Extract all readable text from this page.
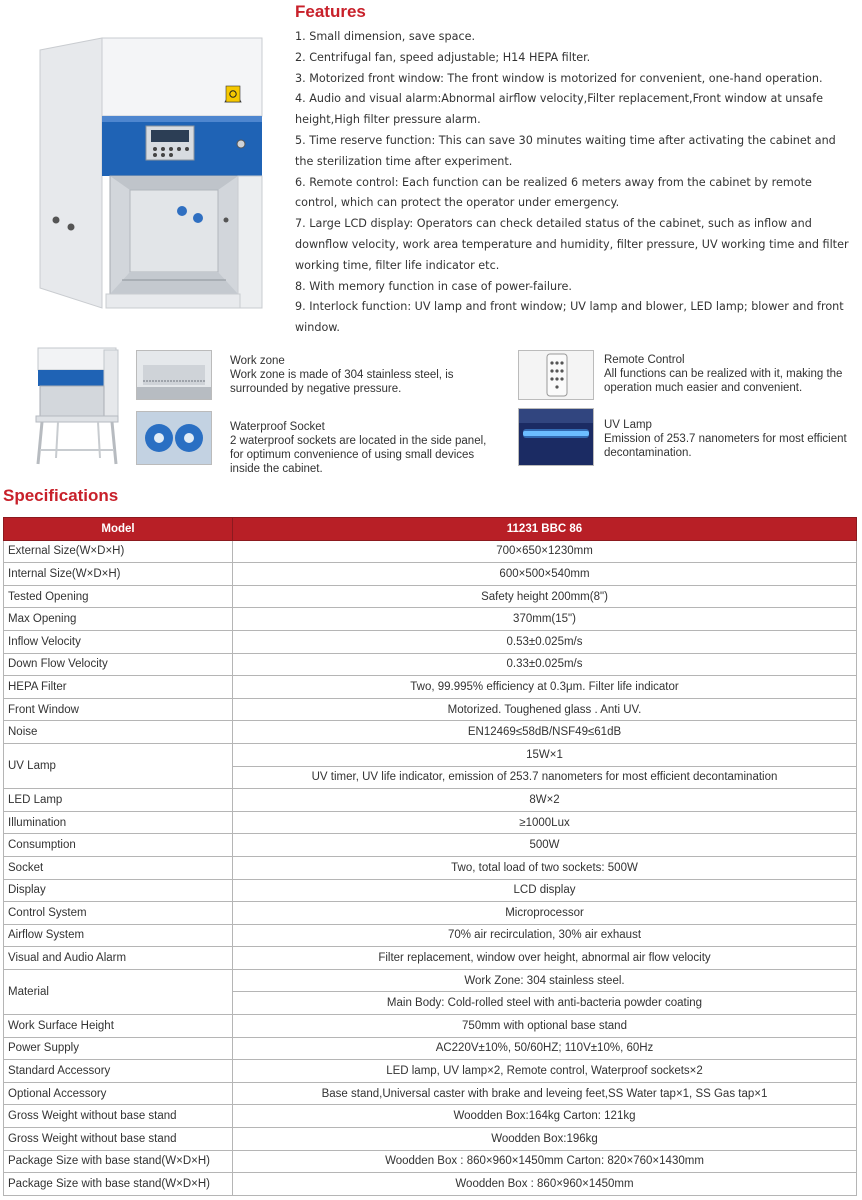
Features

1. Small dimension, save space.

2. Centrifugal fan, speed adjustable; H14 HEPA filter.

3. Motorized front window: The front window is motorized for convenient, one-hand operation.

4. Audio and visual alarm:Abnormal airflow velocity,Filter replacement,Front window at unsafe height,High filter pressure alarm.

5. Time reserve function: This can save 30 minutes waiting time after activating the cabinet and the sterilization time after experiment.

6. Remote control: Each function can be realized 6 meters away from the cabinet by remote control, which can protect the operator under emergency.

7. Large LCD display: Operators can check detailed status of the cabinet, such as inflow and downflow velocity, work area temperature and humidity, filter pressure, UV working time and filter working time, filter life indicator etc.

8. With memory function in case of power-failure.

9. Interlock function: UV lamp and front window; UV lamp and blower, LED lamp; blower and front window.

Work zone

Work zone is made of 304 stainless steel, is surrounded by negative pressure.

Waterproof Socket

2 waterproof sockets are located in the side panel, for optimum convenience of using small devices inside the cabinet.

Remote Control

All functions can be realized with it, making the operation much easier and convenient.

UV Lamp

Emission of 253.7 nanometers for most efficient decontamination.

Specifications
Model	11231 BBC 86
External Size(W×D×H)	700×650×1230mm
Internal Size(W×D×H)	600×500×540mm
Tested Opening	Safety height 200mm(8")
Max Opening	370mm(15")
Inflow Velocity	0.53±0.025m/s
Down Flow Velocity	0.33±0.025m/s
HEPA Filter	Two, 99.995% efficiency at 0.3μm. Filter life indicator
Front Window	Motorized. Toughened glass . Anti UV.
Noise	EN12469≤58dB/NSF49≤61dB
UV Lamp	15W×1
	UV timer, UV life indicator, emission of 253.7 nanometers for most efficient decontamination
LED Lamp	8W×2
Illumination	≥1000Lux
Consumption	500W
Socket	Two, total load of two sockets: 500W
Display	LCD display
Control System	Microprocessor
Airflow System	70% air recirculation, 30% air exhaust
Visual and Audio Alarm	Filter replacement, window over height, abnormal air flow velocity
Material	Work Zone: 304 stainless steel.
	Main Body: Cold-rolled steel with anti-bacteria powder coating
Work Surface Height	750mm with optional base stand
Power Supply	AC220V±10%, 50/60HZ; 110V±10%, 60Hz
Standard Accessory	LED lamp, UV lamp×2, Remote control, Waterproof sockets×2
Optional Accessory	Base stand,Universal caster with brake and leveing feet,SS Water tap×1, SS Gas tap×1
Gross Weight without base stand	Woodden Box:164kg Carton: 121kg
Gross Weight without base stand	Woodden Box:196kg
Package Size with base stand(W×D×H)	Woodden Box : 860×960×1450mm Carton: 820×760×1430mm
Package Size with base stand(W×D×H)	Woodden Box : 860×960×1450mm
